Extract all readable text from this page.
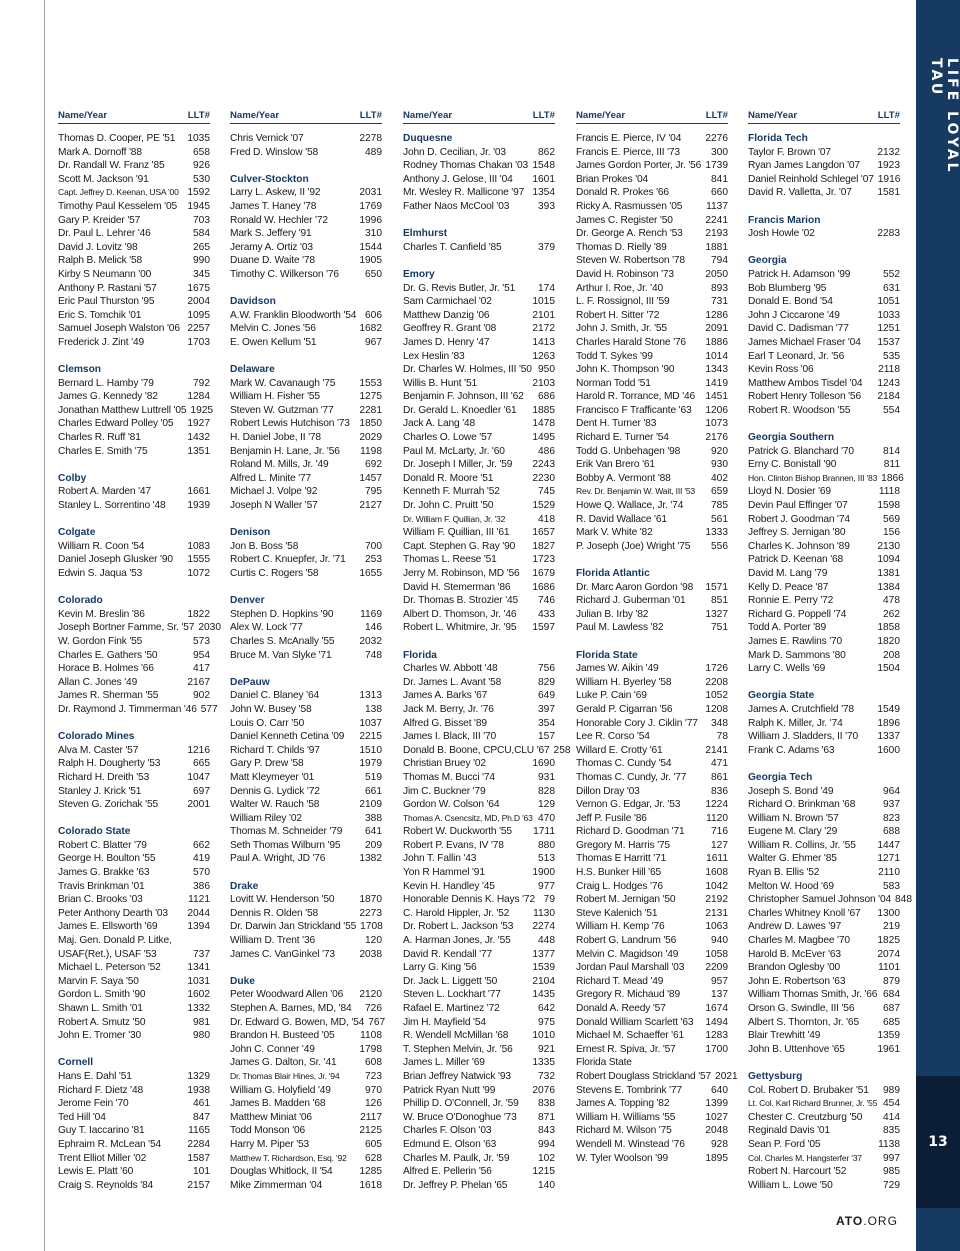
LIFE LOYAL TAU
13
ATO.ORG
Name/Year	LLT#
Thomas D. Cooper, PE '51	1035
Mark A. Dornoff '88	658
Dr. Randall W. Franz '85	926
Scott M. Jackson '91	530
Capt. Jeffrey D. Keenan, USA '00 1592
Timothy Paul Kesselem '05	1945
Gary P. Kreider '57	703
Dr. Paul L. Lehrer '46	584
David J. Lovitz '98	265
Ralph B. Melick '58	990
Kirby S Neumann '00	345
Anthony P. Rastani '57	1675
Eric Paul Thurston '95	2004
Eric S. Tomchik '01	1095
Samuel Joseph Walston '06 2257
Frederick J. Zint '49	1703
Clemson
Bernard L. Hamby '79	792
James G. Kennedy '82	1284
Jonathan Matthew Luttrell '05 1925
Charles Edward Polley '05	1927
Charles R. Ruff '81	1432
Charles E. Smith '75	1351
Colby
Robert A. Marden '47	1661
Stanley L. Sorrentino '48	1939
Colgate
William R. Coon '54	1083
Daniel Joseph Glusker '90	1555
Edwin S. Jaqua '53	1072
Colorado
Kevin M. Breslin '86	1822
Joseph Bortner Famme, Sr. '57 2030
W. Gordon Fink '55	573
Charles E. Gathers '50	954
Horace B. Holmes '66	417
Allan C. Jones '49	2167
James R. Sherman '55	902
Dr. Raymond J. Timmerman '46 577
Colorado Mines
Alva M. Caster '57	1216
Ralph H. Dougherty '53	665
Richard H. Dreith '53	1047
Stanley J. Krick '51	697
Steven G. Zorichak '55	2001
Colorado State
Robert C. Blatter '79	662
George H. Boulton '55	419
James G. Brakke '63	570
Travis Brinkman '01	386
Brian C. Brooks '03	1121
Peter Anthony Dearth '03	2044
James E. Ellsworth '69	1394
Maj. Gen. Donald P. Litke,
USAF(Ret.), USAF '53	737
Michael L. Peterson '52	1341
Marvin F. Saya '50	1031
Gordon L. Smith '90	1602
Shawn L. Smith '01	1332
Robert A. Smutz '50	981
John E. Tromer '30	980
Cornell
Hans E. Dahl '51	1329
Richard F. Dietz '48	1938
Jerome Fein '70	461
Ted Hill '04	847
Guy T. Iaccarino '81	1165
Ephraim R. McLean '54	2284
Trent Elliot Miller '02	1587
Lewis E. Platt '60	101
Craig S. Reynolds '84	2157
Name/Year	LLT#
Chris Vernick '07	2278
Fred D. Winslow '58	489
Culver-Stockton
Larry L. Askew, II '92	2031
James T. Haney '78	1769
Ronald W. Hechler '72	1996
Mark S. Jeffery '91	310
Jeramy A. Ortiz '03	1544
Duane D. Waite '78	1905
Timothy C. Wilkerson '76	650
Davidson
A.W. Franklin Bloodworth '54 606
Melvin C. Jones '56	1682
E. Owen Kellum '51	967
Delaware
Mark W. Cavanaugh '75	1553
William H. Fisher '55	1275
Steven W. Gutzman '77	2281
Robert Lewis Hutchison '73 1850
H. Daniel Jobe, II '78	2029
Benjamin H. Lane, Jr. '56	1198
Roland M. Mills, Jr. '49	692
Alfred L. Minite '77	1457
Michael J. Volpe '92	795
Joseph N Waller '57	2127
Denison
Jon B. Boss '58	700
Robert C. Knuepfer, Jr. '71	253
Curtis C. Rogers '58	1655
Denver
Stephen D. Hopkins '90	1169
Alex W. Lock '77	146
Charles S. McAnally '55	2032
Bruce M. Van Slyke '71	748
DePauw
Daniel C. Blaney '64	1313
John W. Busey '58	138
Louis O. Carr '50	1037
Daniel Kenneth Cetina '09	2215
Richard T. Childs '97	1510
Gary P. Drew '58	1979
Matt Kleymeyer '01	519
Dennis G. Lydick '72	661
Walter W. Rauch '58	2109
William Riley '02	388
Thomas M. Schneider '79	641
Seth Thomas Wilburn '95	209
Paul A. Wright, JD '76	1382
Drake
Lovitt W. Henderson '50	1870
Dennis R. Olden '58	2273
Dr. Darwin Jan Strickland '55 1708
William D. Trent '36	120
James C. VanGinkel '73	2038
Duke
Peter Woodward Allen '06	2120
Stephen A. Barnes, MD, '84	726
Dr. Edward G. Bowen, MD, '54 767
Brandon H. Busteed '05	1108
John C. Conner '49	1798
James G. Dalton, Sr. '41	608
Dr. Thomas Blair Hines, Jr. '94	723
William G. Holyfield '49	970
James B. Madden '68	126
Matthew Miniat '06	2117
Todd Monson '06	2125
Harry M. Piper '53	605
Matthew T. Richardson, Esq. '92	628
Douglas Whitlock, II '54	1285
Mike Zimmerman '04	1618
Name/Year	LLT#
Duquesne
John D. Cecilian, Jr. '03	862
Rodney Thomas Chakan '03 1548
Anthony J. Gelose, III '04	1601
Mr. Wesley R. Mallicone '97 1354
Father Naos McCool '03	393
Elmhurst
Charles T. Canfield '85	379
Emory
Dr. G. Revis Butler, Jr. '51	174
Sam Carmichael '02	1015
Matthew Danzig '06	2101
Geoffrey R. Grant '08	2172
James D. Henry '47	1413
Lex Heslin '83	1263
Dr. Charles W. Holmes, III '50 950
Willis B. Hunt '51	2103
Benjamin F. Johnson, III '62	686
Dr. Gerald L. Knoedler '61	1885
Jack A. Lang '48	1478
Charles O. Lowe '57	1495
Paul M. McLarty, Jr. '60	486
Dr. Joseph I Miller, Jr. '59	2243
Donald R. Moore '51	2230
Kenneth F. Murrah '52	745
Dr. John C. Pruitt '50	1529
Dr. William F. Quillian, Jr. '32	418
William F. Quillian, III '61	1657
Capt. Stephen G. Ray '90	1827
Thomas L. Reese '51	1723
Jerry M. Robinson, MD '56	1679
David H. Stemerman '86	1686
Dr. Thomas B. Strozier '45	746
Albert D. Thomson, Jr. '46	433
Robert L. Whitmire, Jr. '95	1597
Florida
Charles W. Abbott '48	756
Dr. James L. Avant '58	829
James A. Barks '67	649
Jack M. Berry, Jr. '76	397
Alfred G. Bisset '89	354
James I. Black, III '70	157
Donald B. Boone, CPCU,CLU '67 258
Christian Bruey '02	1690
Thomas M. Bucci '74	931
Jim C. Buckner '79	828
Gordon W. Colson '64	129
Thomas A. Csencsitz, MD, Ph.D '63 470
Robert W. Duckworth '55	1711
Robert P. Evans, IV '78	880
John T. Fallin '43	513
Yon R Hammel '91	1900
Kevin H. Handley '45	977
Honorable Dennis K. Hays '72 79
C. Harold Hippler, Jr. '52	1130
Dr. Robert L. Jackson '53	2274
A. Harman Jones, Jr. '55	448
David R. Kendall '77	1377
Larry G. King '56	1539
Dr. Jack L. Liggett '50	2104
Steven L. Lockhart '77	1435
Rafael E. Martinez '72	642
Jim H. Mayfield '54	975
R. Wendell McMillan '68	1010
T. Stephen Melvin, Jr. '56	921
James L. Miller '69	1335
Brian Jeffrey Natwick '93	732
Patrick Ryan Nutt '99	2076
Phillip D. O'Connell, Jr. '59	838
W. Bruce O'Donoghue '73	871
Charles F. Olson '03	843
Edmund E. Olson '63	994
Charles M. Paulk, Jr. '59	102
Alfred E. Pellerin '56	1215
Dr. Jeffrey P. Phelan '65	140
Name/Year	LLT#
Francis E. Pierce, IV '04	2276
Francis E. Pierce, III '73	300
James Gordon Porter, Jr. '56 1739
Brian Prokes '04	841
Donald R. Prokes '66	660
Ricky A. Rasmussen '05	1137
James C. Register '50	2241
Dr. George A. Rench '53	2193
Thomas D. Rielly '89	1881
Steven W. Robertson '78	794
David H. Robinson '73	2050
Arthur I. Roe, Jr. '40	893
L. F. Rossignol, III '59	731
Robert H. Sitter '72	1286
John J. Smith, Jr. '55	2091
Charles Harald Stone '76	1886
Todd T. Sykes '99	1014
John K. Thompson '90	1343
Norman Todd '51	1419
Harold R. Torrance, MD '46	1451
Francisco F Trafficante '63	1206
Dent H. Turner '83	1073
Richard E. Turner '54	2176
Todd G. Unbehagen '98	920
Erik Van Brero '61	930
Bobby A. Vermont '88	402
Rev. Dr. Benjamin W. Wait, III '53	659
Howe Q. Wallace, Jr. '74	785
R. David Wallace '61	561
Mark V. White '82	1333
P. Joseph (Joe) Wright '75	556
Florida Atlantic
Dr. Marc Aaron Gordon '98	1571
Richard J. Guberman '01	851
Julian B. Irby '82	1327
Paul M. Lawless '82	751
Florida State
James W. Aikin '49	1726
William H. Byerley '58	2208
Luke P. Cain '69	1052
Gerald P. Cigarran '56	1208
Honorable Cory J. Ciklin '77	348
Lee R. Corso '54	78
Willard E. Crotty '61	2141
Thomas C. Cundy '54	471
Thomas C. Cundy, Jr. '77	861
Dillon Dray '03	836
Vernon G. Edgar, Jr. '53	1224
Jeff P. Fusile '86	1120
Richard D. Goodman '71	716
Gregory M. Harris '75	127
Thomas E Harritt '71	1611
H.S. Bunker Hill '65	1608
Craig L. Hodges '76	1042
Robert M. Jernigan '50	2192
Steve Kalenich '51	2131
William H. Kemp '76	1063
Robert G. Landrum '56	940
Melvin C. Magidson '49	1058
Jordan Paul Marshall '03	2209
Richard T. Mead '49	957
Gregory R. Michaud '89	137
Donald A. Reedy '57	1674
Donald William Scarlett '63	1494
Michael M. Schaeffer '61	1283
Ernest R. Spiva, Jr. '57	1700
Florida State
Robert Douglass Strickland '57 2021
Stevens E. Tombrink '77	640
James A. Topping '82	1399
William H. Williams '55	1027
Richard M. Wilson '75	2048
Wendell M. Winstead '76	928
W. Tyler Woolson '99	1895
Name/Year	LLT#
Florida Tech
Taylor F. Brown '07	2132
Ryan James Langdon '07	1923
Daniel Reinhold Schlegel '07 1916
David R. Valletta, Jr. '07	1581
Francis Marion
Josh Howle '02	2283
Georgia
Patrick H. Adamson '99	552
Bob Blumberg '95	631
Donald E. Bond '54	1051
John J Ciccarone '49	1033
David C. Dadisman '77	1251
James Michael Fraser '04	1537
Earl T Leonard, Jr. '56	535
Kevin Ross '06	2118
Matthew Ambos Tisdel '04	1243
Robert Henry Tolleson '56	2184
Robert R. Woodson '55	554
Georgia Southern
Patrick G. Blanchard '70	814
Erny C. Bonistall '90	811
Hon. Clinton Bishop Brannen, III '83 1866
Lloyd N. Dosier '69	1118
Devin Paul Effinger '07	1598
Robert J. Goodman '74	569
Jeffrey S. Jernigan '80	156
Charles K. Johnson '89	2130
Patrick D. Keenan '68	1094
David M. Lang '79	1381
Kelly D. Peace '87	1384
Ronnie E. Perry '72	478
Richard G. Poppell '74	262
Todd A. Porter '89	1858
James E. Rawlins '70	1820
Mark D. Sammons '80	208
Larry C. Wells '69	1504
Georgia State
James A. Crutchfield '78	1549
Ralph K. Miller, Jr. '74	1896
William J. Sladders, II '70	1337
Frank C. Adams '63	1600
Georgia Tech
Joseph S. Bond '49	964
Richard O. Brinkman '68	937
William N. Brown '57	823
Eugene M. Clary '29	688
William R. Collins, Jr. '55	1447
Walter G. Ehmer '85	1271
Ryan B. Ellis '52	2110
Melton W. Hood '69	583
Christopher Samuel Johnson '04 848
Charles Whitney Knoll '67	1300
Andrew D. Lawes '97	219
Charles M. Magbee '70	1825
Harold B. McEver '63	2074
Brandon Oglesby '00	1101
John E. Robertson '63	879
William Thomas Smith, Jr. '66 684
Orson G. Swindle, III '56	687
Albert S. Thornton, Jr. '65	685
Blair Trewhitt '49	1359
John B. Uttenhove '65	1961
Gettysburg
Col. Robert D. Brubaker '51	989
Lt. Col. Karl Richard Brunner, Jr. '55 454
Chester C. Creutzburg '50	414
Reginald Davis '01	835
Sean P. Ford '05	1138
Col. Charles M. Hangsterfer '37	997
Robert N. Harcourt '52	985
William L. Lowe '50	729
